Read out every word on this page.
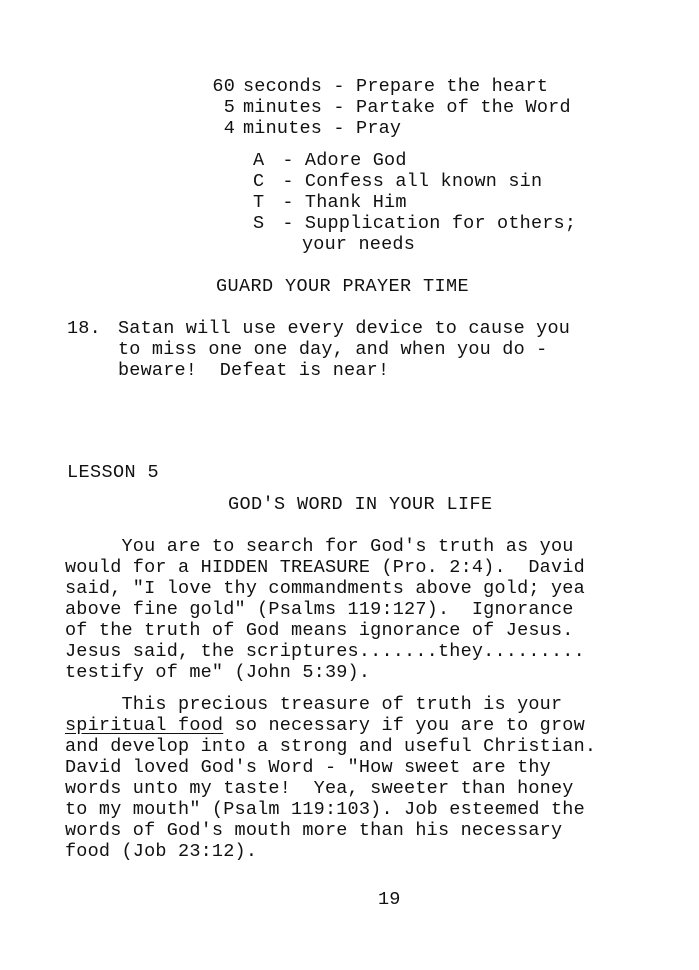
60 seconds - Prepare the heart
5 minutes - Partake of the Word
4 minutes - Pray
A - Adore God
C - Confess all known sin
T - Thank Him
S - Supplication for others;
your needs
GUARD YOUR PRAYER TIME
18. Satan will use every device to cause you
to miss one one day, and when you do -
beware!  Defeat is near!
LESSON 5
GOD'S WORD IN YOUR LIFE
You are to search for God's truth as you
would for a HIDDEN TREASURE (Pro. 2:4).  David
said, "I love thy commandments above gold; yea
above fine gold" (Psalms 119:127).  Ignorance
of the truth of God means ignorance of Jesus.
Jesus said, the scriptures.......they.........
testify of me" (John 5:39).
This precious treasure of truth is your
spiritual food so necessary if you are to grow
and develop into a strong and useful Christian.
David loved God's Word - "How sweet are thy
words unto my taste!  Yea, sweeter than honey
to my mouth" (Psalm 119:103). Job esteemed the
words of God's mouth more than his necessary
food (Job 23:12).
19
